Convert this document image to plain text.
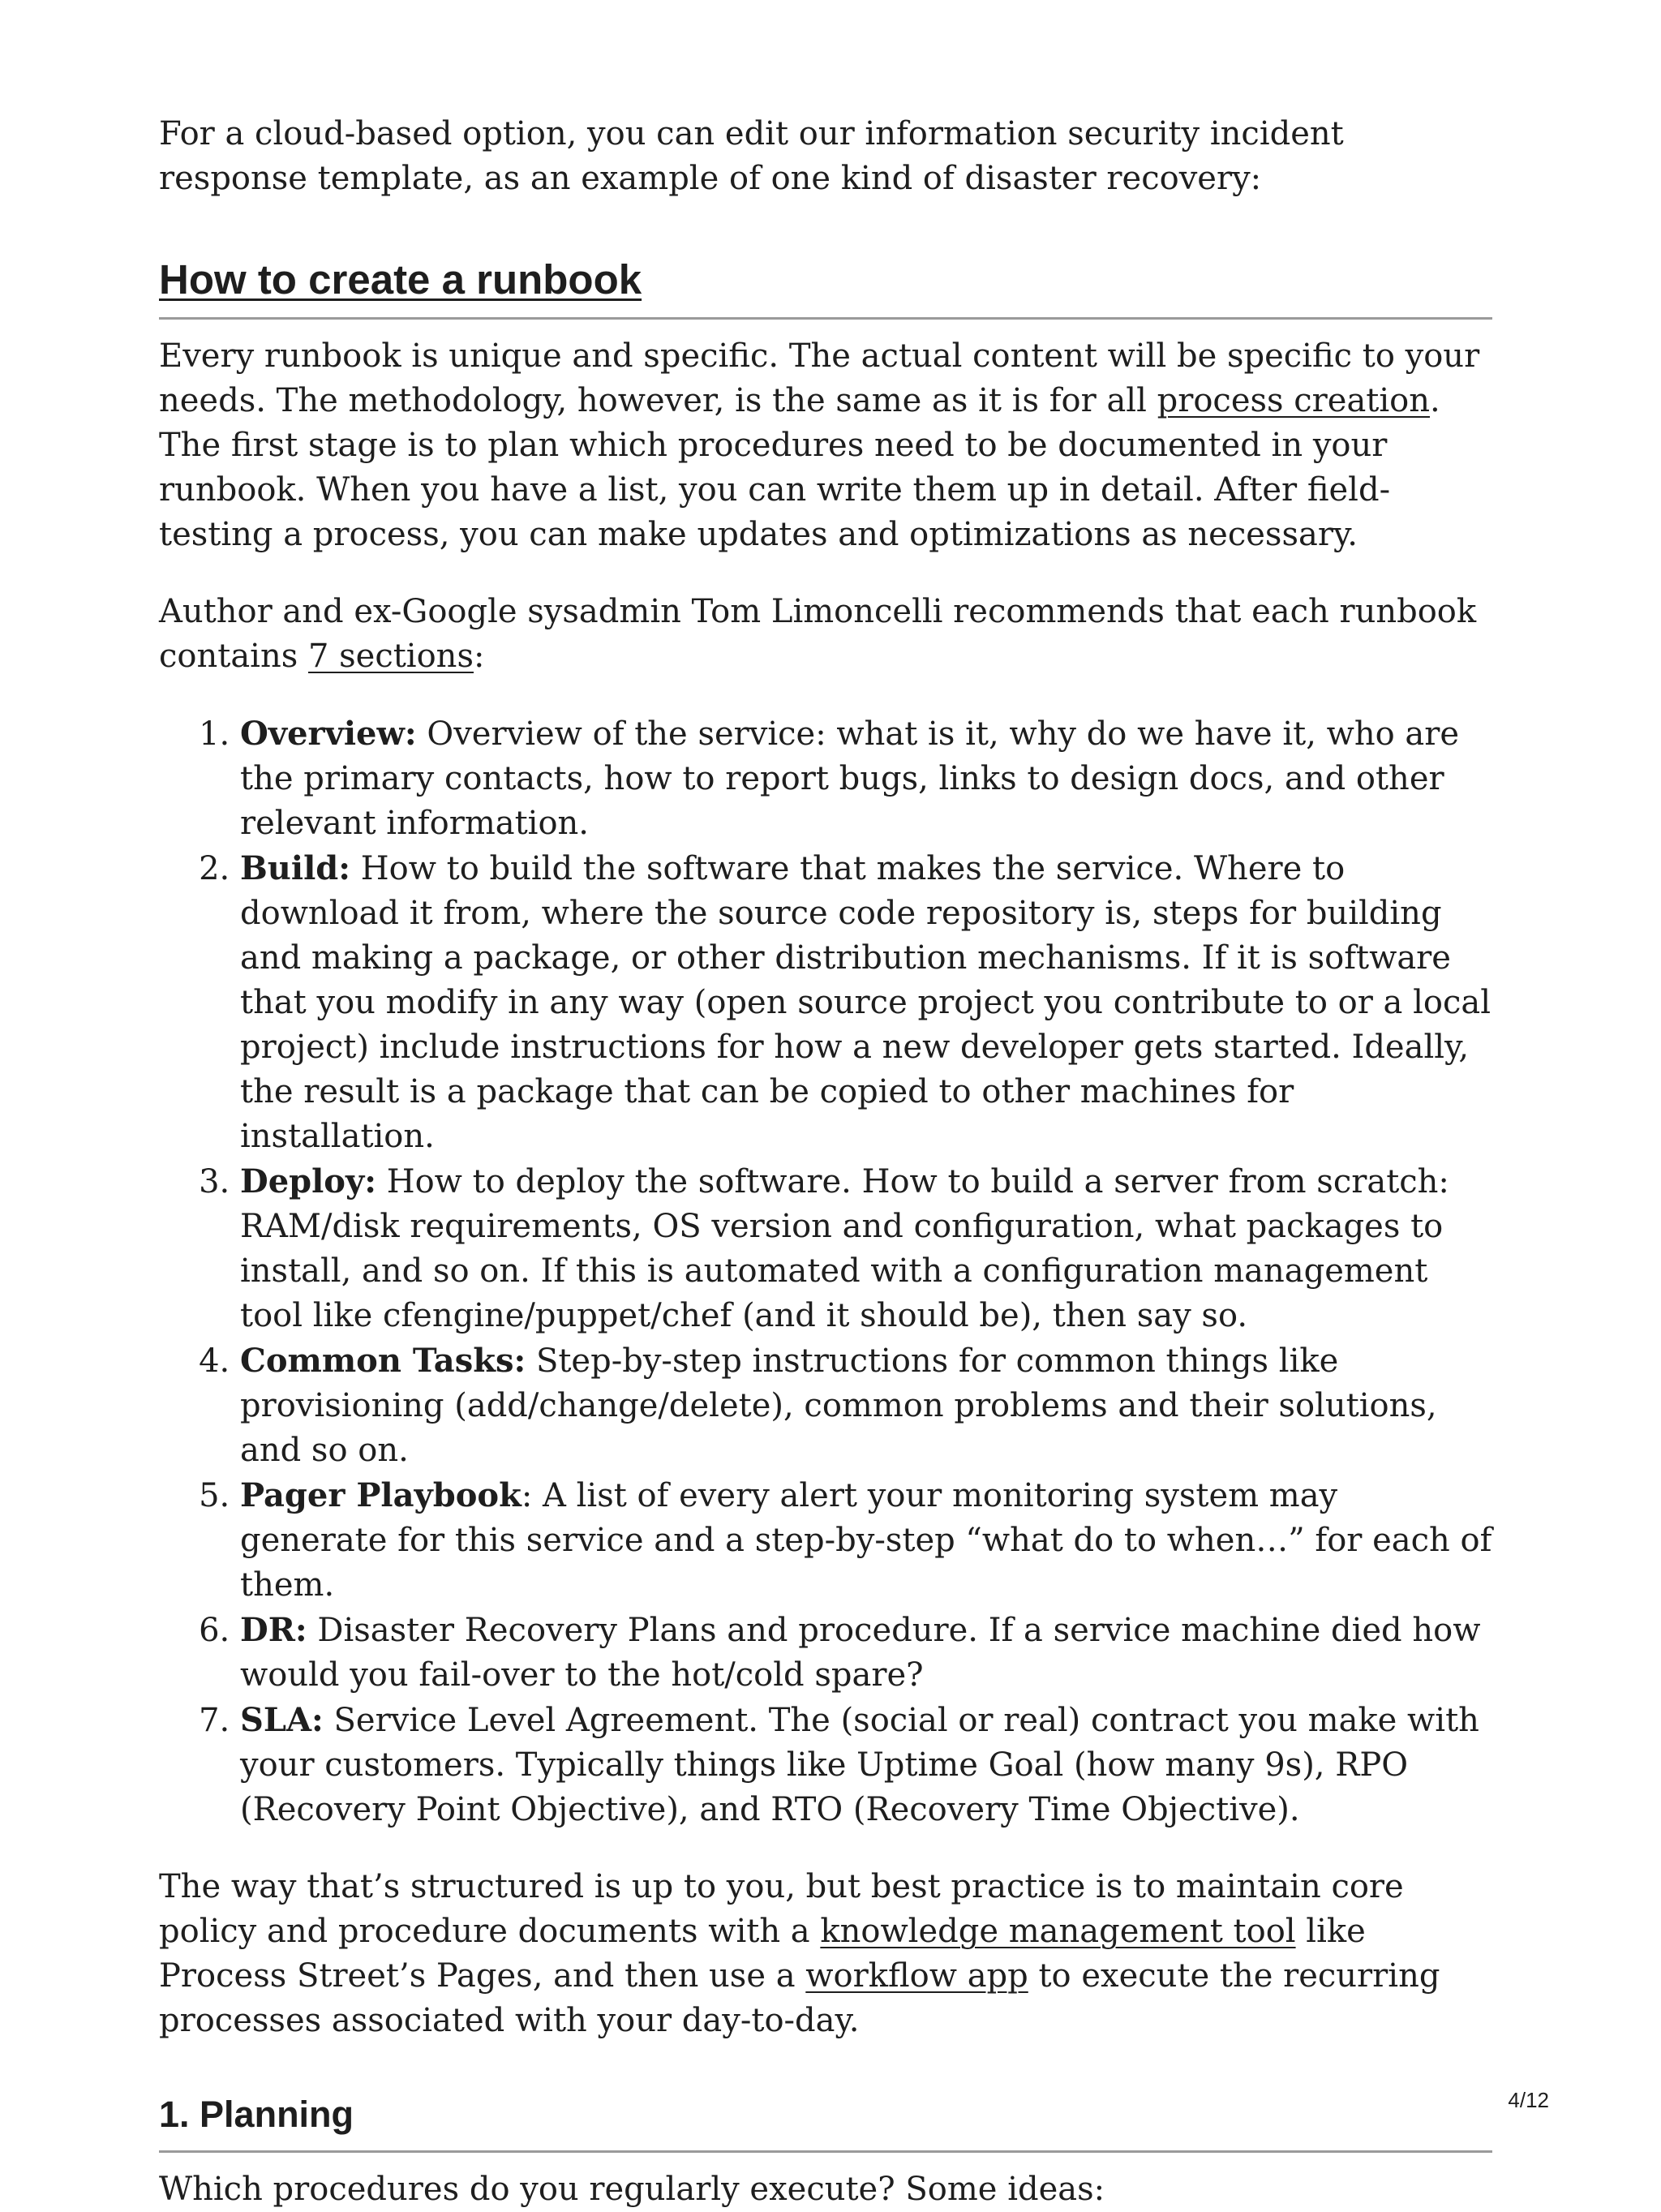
For a cloud-based option, you can edit our information security incident response template, as an example of one kind of disaster recovery:

How to create a runbook

Every runbook is unique and specific. The actual content will be specific to your needs. The methodology, however, is the same as it is for all process creation. The first stage is to plan which procedures need to be documented in your runbook. When you have a list, you can write them up in detail. After field-testing a process, you can make updates and optimizations as necessary.

Author and ex-Google sysadmin Tom Limoncelli recommends that each runbook contains 7 sections:

1. Overview: Overview of the service: what is it, why do we have it, who are the primary contacts, how to report bugs, links to design docs, and other relevant information.
2. Build: How to build the software that makes the service. Where to download it from, where the source code repository is, steps for building and making a package, or other distribution mechanisms. If it is software that you modify in any way (open source project you contribute to or a local project) include instructions for how a new developer gets started. Ideally, the result is a package that can be copied to other machines for installation.
3. Deploy: How to deploy the software. How to build a server from scratch: RAM/disk requirements, OS version and configuration, what packages to install, and so on. If this is automated with a configuration management tool like cfengine/puppet/chef (and it should be), then say so.
4. Common Tasks: Step-by-step instructions for common things like provisioning (add/change/delete), common problems and their solutions, and so on.
5. Pager Playbook: A list of every alert your monitoring system may generate for this service and a step-by-step “what do to when…” for each of them.
6. DR: Disaster Recovery Plans and procedure. If a service machine died how would you fail-over to the hot/cold spare?
7. SLA: Service Level Agreement. The (social or real) contract you make with your customers. Typically things like Uptime Goal (how many 9s), RPO (Recovery Point Objective), and RTO (Recovery Time Objective).

The way that’s structured is up to you, but best practice is to maintain core policy and procedure documents with a knowledge management tool like Process Street’s Pages, and then use a workflow app to execute the recurring processes associated with your day-to-day.

1. Planning

Which procedures do you regularly execute? Some ideas:

4/12
